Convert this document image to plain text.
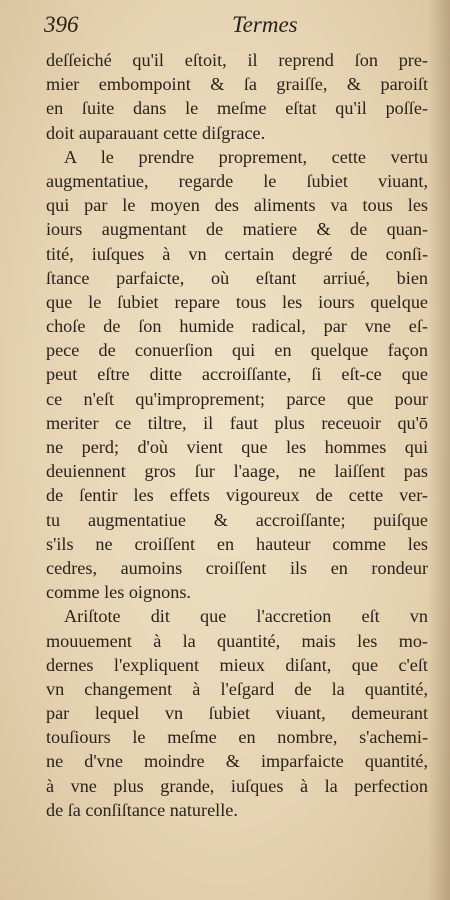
396	Termes
deſſeiché qu'il eſtoit, il reprend ſon pre-
mier embompoint & ſa graiſſe, & paroiſt
en ſuite dans le meſme eſtat qu'il poſſe-
doit auparauant cette diſgrace.
A le prendre proprement, cette vertu
augmentatiue, regarde le ſubiet viuant,
qui par le moyen des aliments va tous les
iours augmentant de matiere & de quan-
tité, iuſques à vn certain degré de conſi-
ſtance parfaicte, où eſtant arriué, bien
que le ſubiet repare tous les iours quelque
choſe de ſon humide radical, par vne eſ-
pece de conuerſion qui en quelque façon
peut eſtre ditte accroiſſante, ſi eſt-ce que
ce n'eſt qu'improprement; parce que pour
meriter ce tiltre, il faut plus receuoir qu'ō
ne perd; d'où vient que les hommes qui
deuiennent gros ſur l'aage, ne laiſſent pas
de ſentir les effets vigoureux de cette ver-
tu augmentatiue & accroiſſante; puiſque
s'ils ne croiſſent en hauteur comme les
cedres, aumoins croiſſent ils en rondeur
comme les oignons.
Ariſtote dit que l'accretion eſt vn
mouuement à la quantité, mais les mo-
dernes l'expliquent mieux diſant, que c'eſt
vn changement à l'eſgard de la quantité,
par lequel vn ſubiet viuant, demeurant
touſiours le meſme en nombre, s'achemi-
ne d'vne moindre & imparfaicte quantité,
à vne plus grande, iuſques à la perfection
de ſa conſiſtance naturelle.
